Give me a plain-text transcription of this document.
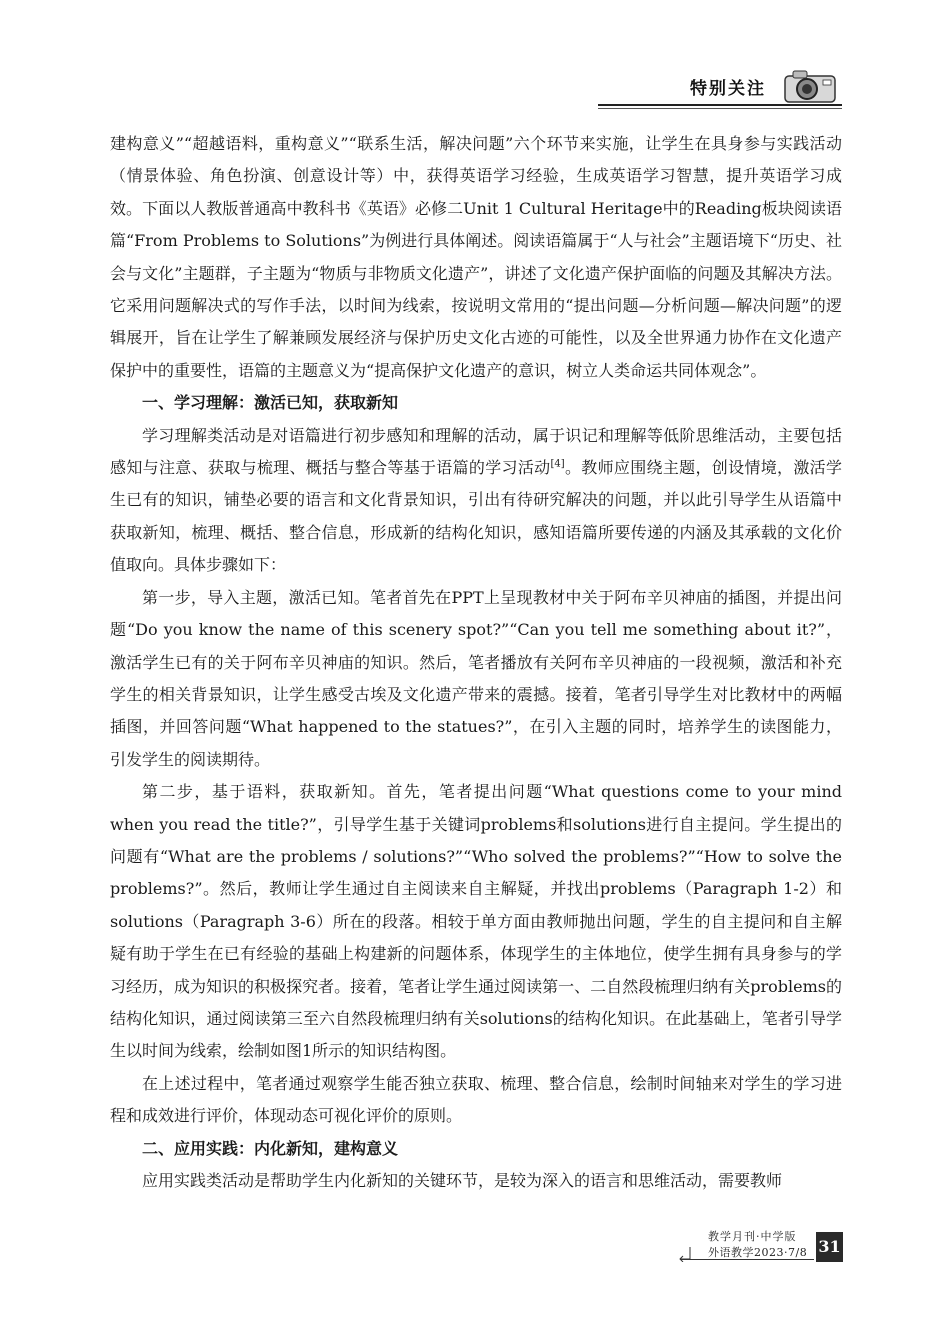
特别关注

建构意义”“超越语料，重构意义”“联系生活，解决问题”六个环节来实施，让学生在具身参与实践活动（情景体验、角色扮演、创意设计等）中，获得英语学习经验，生成英语学习智慧，提升英语学习成效。下面以人教版普通高中教科书《英语》必修二Unit 1 Cultural Heritage中的Reading板块阅读语篇“From Problems to Solutions”为例进行具体阐述。阅读语篇属于“人与社会”主题语境下“历史、社会与文化”主题群，子主题为“物质与非物质文化遗产”，讲述了文化遗产保护面临的问题及其解决方法。它采用问题解决式的写作手法，以时间为线索，按说明文常用的“提出问题—分析问题—解决问题”的逻辑展开，旨在让学生了解兼顾发展经济与保护历史文化古迹的可能性，以及全世界通力协作在文化遗产保护中的重要性，语篇的主题意义为“提高保护文化遗产的意识，树立人类命运共同体观念”。

一、学习理解：激活已知，获取新知

学习理解类活动是对语篇进行初步感知和理解的活动，属于识记和理解等低阶思维活动，主要包括感知与注意、获取与梳理、概括与整合等基于语篇的学习活动[4]。教师应围绕主题，创设情境，激活学生已有的知识，铺垫必要的语言和文化背景知识，引出有待研究解决的问题，并以此引导学生从语篇中获取新知，梳理、概括、整合信息，形成新的结构化知识，感知语篇所要传递的内涵及其承载的文化价值取向。具体步骤如下：

第一步，导入主题，激活已知。笔者首先在PPT上呈现教材中关于阿布辛贝神庙的插图，并提出问题“Do you know the name of this scenery spot?”“Can you tell me something about it?”，激活学生已有的关于阿布辛贝神庙的知识。然后，笔者播放有关阿布辛贝神庙的一段视频，激活和补充学生的相关背景知识，让学生感受古埃及文化遗产带来的震撼。接着，笔者引导学生对比教材中的两幅插图，并回答问题“What happened to the statues?”，在引入主题的同时，培养学生的读图能力，引发学生的阅读期待。

第二步，基于语料，获取新知。首先，笔者提出问题“What questions come to your mind when you read the title?”，引导学生基于关键词problems和solutions进行自主提问。学生提出的问题有“What are the problems / solutions?”“Who solved the problems?”“How to solve the problems?”。然后，教师让学生通过自主阅读来自主解疑，并找出problems（Paragraph 1-2）和solutions（Paragraph 3-6）所在的段落。相较于单方面由教师抛出问题，学生的自主提问和自主解疑有助于学生在已有经验的基础上构建新的问题体系，体现学生的主体地位，使学生拥有具身参与的学习经历，成为知识的积极探究者。接着，笔者让学生通过阅读第一、二自然段梳理归纳有关problems的结构化知识，通过阅读第三至六自然段梳理归纳有关solutions的结构化知识。在此基础上，笔者引导学生以时间为线索，绘制如图1所示的知识结构图。

在上述过程中，笔者通过观察学生能否独立获取、梳理、整合信息，绘制时间轴来对学生的学习进程和成效进行评价，体现动态可视化评价的原则。

二、应用实践：内化新知，建构意义

应用实践类活动是帮助学生内化新知的关键环节，是较为深入的语言和思维活动，需要教师

教学月刊·中学版
外语教学2023·7/8 31
